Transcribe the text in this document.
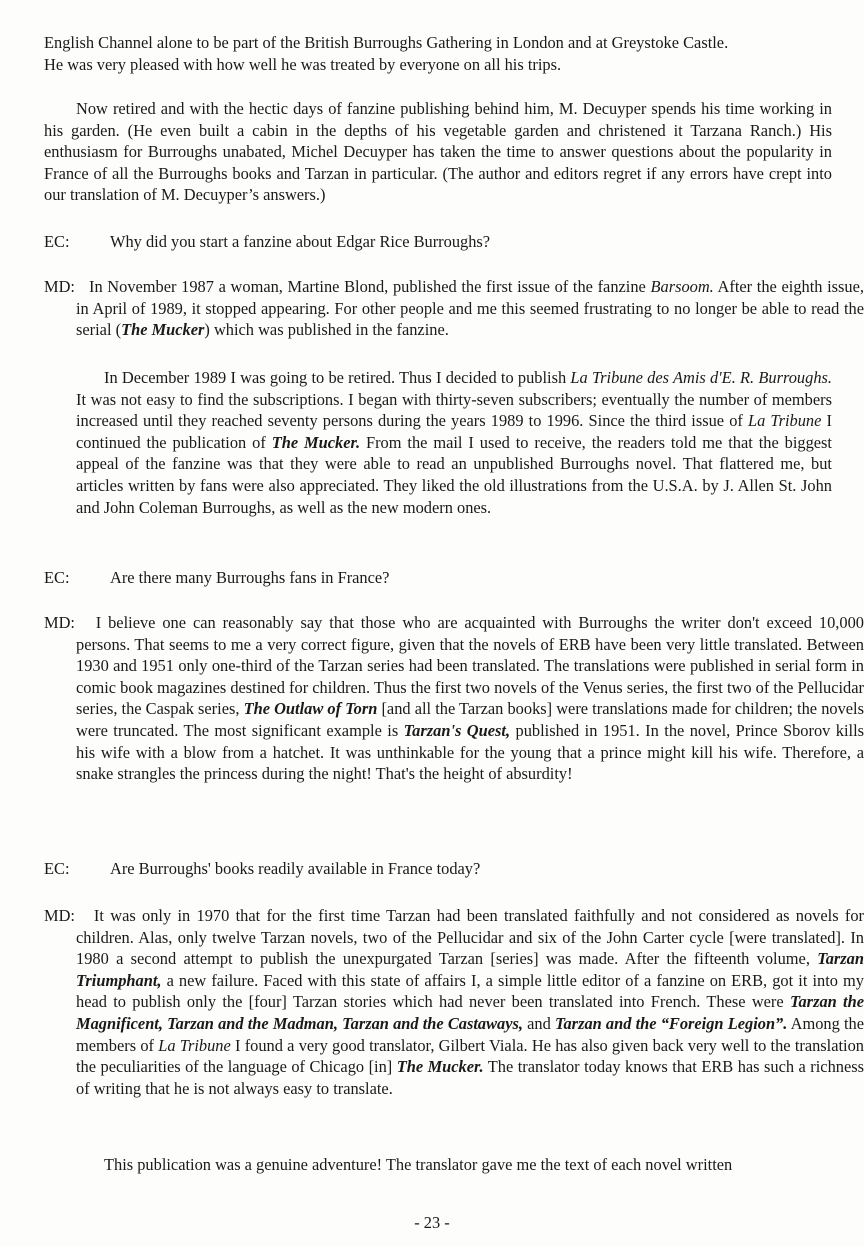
English Channel alone to be part of the British Burroughs Gathering in London and at Greystoke Castle.
He was very pleased with how well he was treated by everyone on all his trips.

Now retired and with the hectic days of fanzine publishing behind him, M. Decuyper spends his time working in his garden. (He even built a cabin in the depths of his vegetable garden and christened it Tarzana Ranch.) His enthusiasm for Burroughs unabated, Michel Decuyper has taken the time to answer questions about the popularity in France of all the Burroughs books and Tarzan in particular. (The author and editors regret if any errors have crept into our translation of M. Decuyper’s answers.)

EC: Why did you start a fanzine about Edgar Rice Burroughs?

MD: In November 1987 a woman, Martine Blond, published the first issue of the fanzine Barsoom. After the eighth issue, in April of 1989, it stopped appearing. For other people and me this seemed frustrating to no longer be able to read the serial (The Mucker) which was published in the fanzine.

In December 1989 I was going to be retired. Thus I decided to publish La Tribune des Amis d'E. R. Burroughs. It was not easy to find the subscriptions. I began with thirty-seven subscribers; eventually the number of members increased until they reached seventy persons during the years 1989 to 1996. Since the third issue of La Tribune I continued the publication of The Mucker. From the mail I used to receive, the readers told me that the biggest appeal of the fanzine was that they were able to read an unpublished Burroughs novel. That flattered me, but articles written by fans were also appreciated. They liked the old illustrations from the U.S.A. by J. Allen St. John and John Coleman Burroughs, as well as the new modern ones.

EC: Are there many Burroughs fans in France?

MD: I believe one can reasonably say that those who are acquainted with Burroughs the writer don't exceed 10,000 persons. That seems to me a very correct figure, given that the novels of ERB have been very little translated. Between 1930 and 1951 only one-third of the Tarzan series had been translated. The translations were published in serial form in comic book magazines destined for children. Thus the first two novels of the Venus series, the first two of the Pellucidar series, the Caspak series, The Outlaw of Torn [and all the Tarzan books] were translations made for children; the novels were truncated. The most significant example is Tarzan's Quest, published in 1951. In the novel, Prince Sborov kills his wife with a blow from a hatchet. It was unthinkable for the young that a prince might kill his wife. Therefore, a snake strangles the princess during the night! That's the height of absurdity!

EC: Are Burroughs' books readily available in France today?

MD: It was only in 1970 that for the first time Tarzan had been translated faithfully and not considered as novels for children. Alas, only twelve Tarzan novels, two of the Pellucidar and six of the John Carter cycle [were translated]. In 1980 a second attempt to publish the unexpurgated Tarzan [series] was made. After the fifteenth volume, Tarzan Triumphant, a new failure. Faced with this state of affairs I, a simple little editor of a fanzine on ERB, got it into my head to publish only the [four] Tarzan stories which had never been translated into French. These were Tarzan the Magnificent, Tarzan and the Madman, Tarzan and the Castaways, and Tarzan and the “Foreign Legion”. Among the members of La Tribune I found a very good translator, Gilbert Viala. He has also given back very well to the translation the peculiarities of the language of Chicago [in] The Mucker. The translator today knows that ERB has such a richness of writing that he is not always easy to translate.

This publication was a genuine adventure! The translator gave me the text of each novel written

- 23 -
